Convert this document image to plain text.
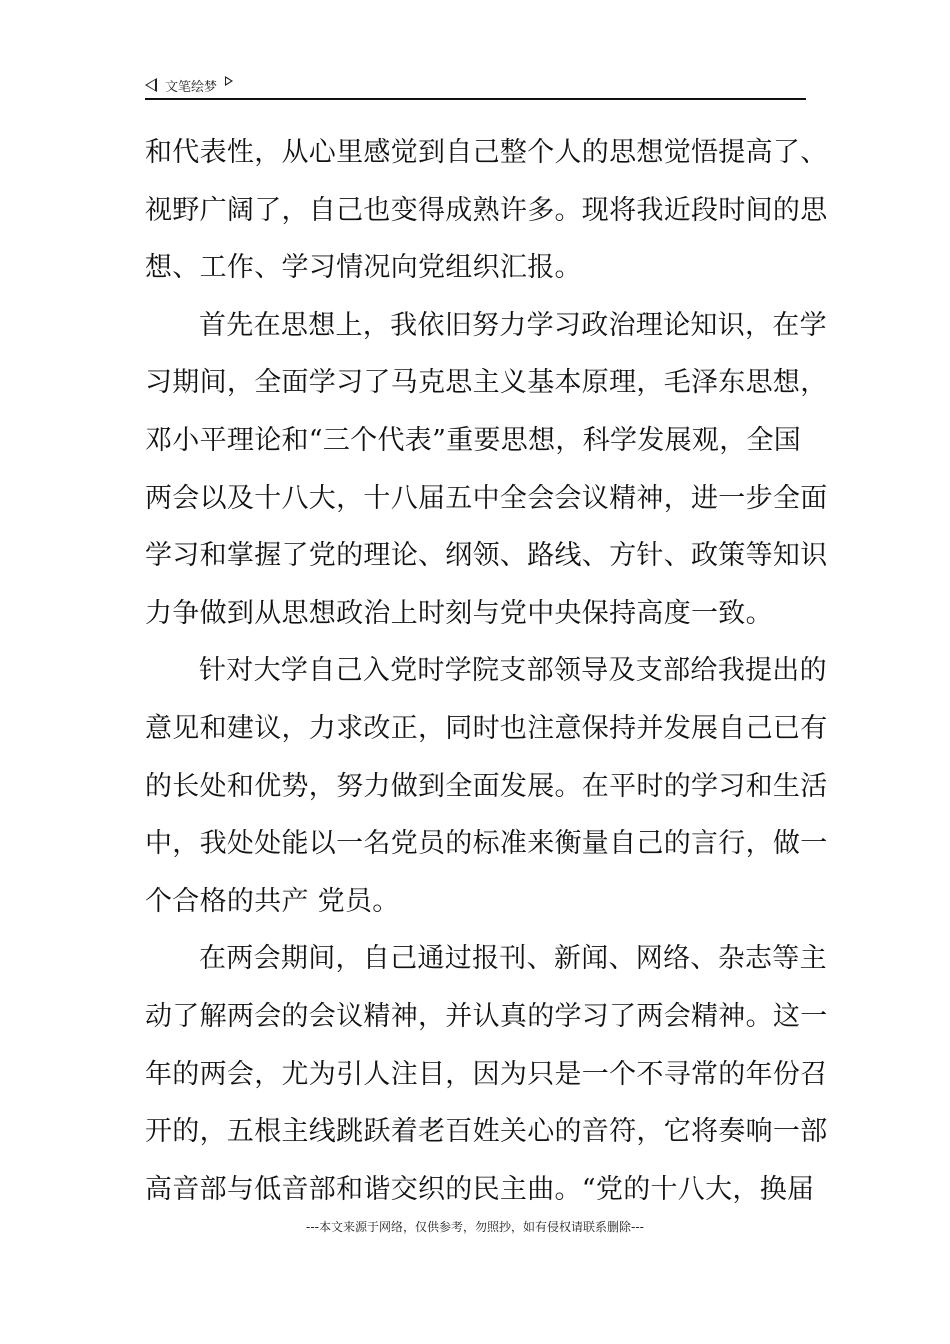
文笔绘梦
和代表性，从心里感觉到自己整个人的思想觉悟提高了、
视野广阔了，自己也变得成熟许多。现将我近段时间的思
想、工作、学习情况向党组织汇报。
首先在思想上，我依旧努力学习政治理论知识，在学
习期间，全面学习了马克思主义基本原理，毛泽东思想，
邓小平理论和“三个代表”重要思想，科学发展观，全国
两会以及十八大，十八届五中全会会议精神，进一步全面
学习和掌握了党的理论、纲领、路线、方针、政策等知识
力争做到从思想政治上时刻与党中央保持高度一致。
针对大学自己入党时学院支部领导及支部给我提出的
意见和建议，力求改正，同时也注意保持并发展自己已有
的长处和优势，努力做到全面发展。在平时的学习和生活
中，我处处能以一名党员的标准来衡量自己的言行，做一
个合格的共产 党员。
在两会期间，自己通过报刊、新闻、网络、杂志等主
动了解两会的会议精神，并认真的学习了两会精神。这一
年的两会，尤为引人注目，因为只是一个不寻常的年份召
开的，五根主线跳跃着老百姓关心的音符，它将奏响一部
高音部与低音部和谐交织的民主曲。“党的十八大，换届
---本文来源于网络，仅供参考，勿照抄，如有侵权请联系删除---
